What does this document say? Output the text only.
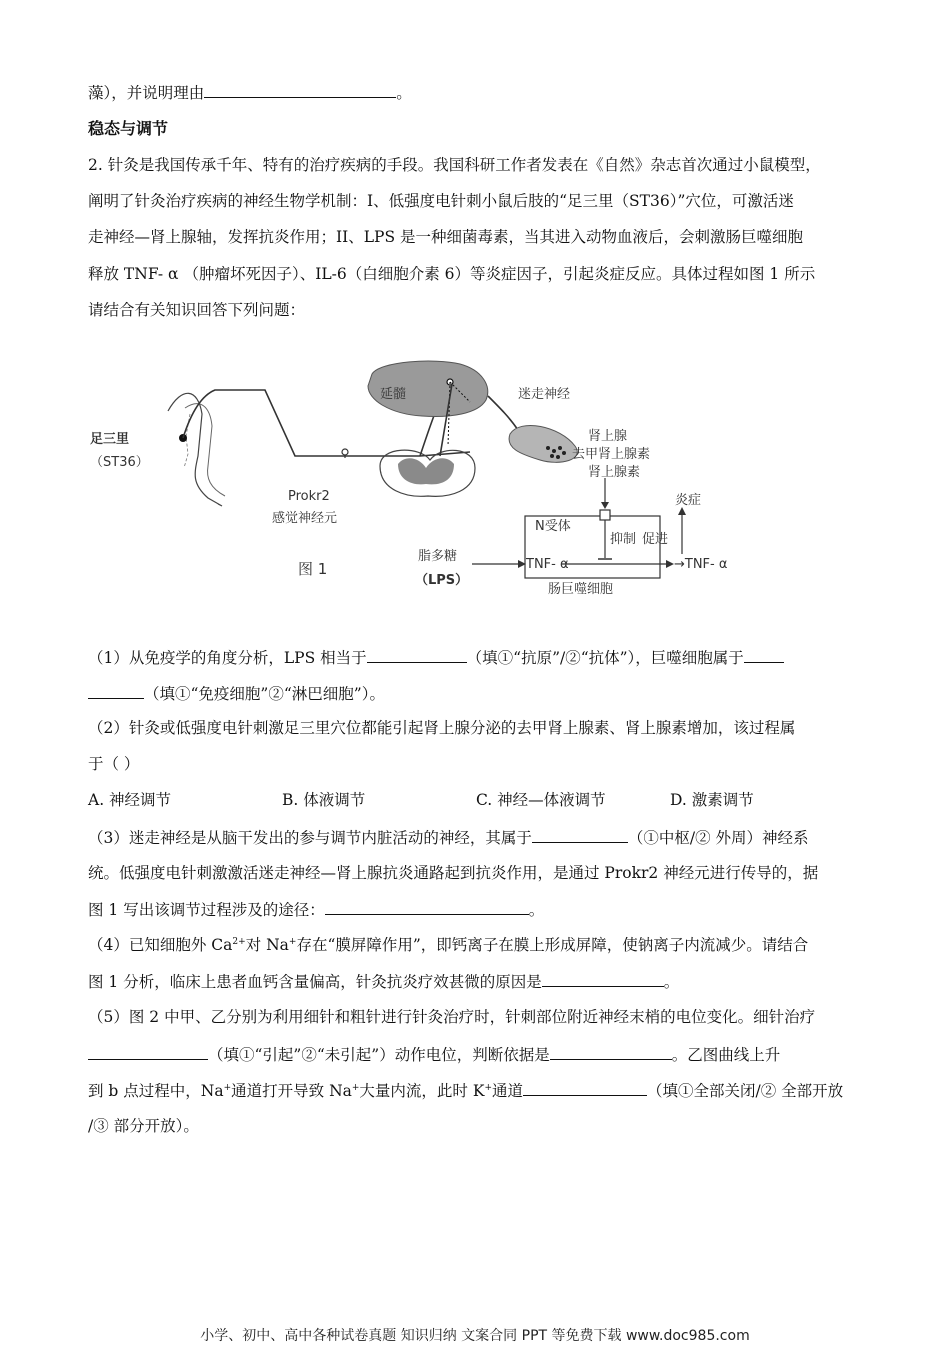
藻），并说明理由	。
稳态与调节
2. 针灸是我国传承千年、特有的治疗疾病的手段。我国科研工作者发表在《自然》杂志首次通过小鼠模型，
阐明了针灸治疗疾病的神经生物学机制：I、低强度电针刺小鼠后肢的“足三里（ST36）”穴位，可激活迷
走神经—肾上腺轴，发挥抗炎作用；II、LPS 是一种细菌毒素，当其进入动物血液后，会刺激肠巨噬细胞
释放 TNF- α （肿瘤坏死因子）、IL-6（白细胞介素 6）等炎症因子，引起炎症反应。具体过程如图 1 所示
请结合有关知识回答下列问题：
足三里
（ST36）
Prokr2
感觉神经元
延髓	迷走神经
肾上腺
去甲肾上腺素
肾上腺素
N受体
抑制 促进
炎症
脂多糖
（LPS）
TNF- α	→TNF- α
肠巨噬细胞
图 1
（1）从免疫学的角度分析，LPS 相当于	（填①“抗原”/②“抗体”），巨噬细胞属于
（填①“免疫细胞”②“淋巴细胞”）。
（2）针灸或低强度电针刺激足三里穴位都能引起肾上腺分泌的去甲肾上腺素、肾上腺素增加，该过程属
于（ ）
A. 神经调节	B. 体液调节	C. 神经—体液调节	D. 激素调节
（3）迷走神经是从脑干发出的参与调节内脏活动的神经，其属于	（①中枢/② 外周）神经系
统。低强度电针刺激激活迷走神经—肾上腺抗炎通路起到抗炎作用，是通过 Prokr2 神经元进行传导的，据
图 1 写出该调节过程涉及的途径：	。
（4）已知细胞外 $Ca^{2+}$对 Na+存在“膜屏障作用”，即钙离子在膜上形成屏障，使钠离子内流减少。请结合
图 1 分析，临床上患者血钙含量偏高，针灸抗炎疗效甚微的原因是	。
（5）图 2 中甲、乙分别为利用细针和粗针进行针灸治疗时，针刺部位附近神经末梢的电位变化。细针治疗
（填①“引起”②“未引起”）动作电位，判断依据是	。乙图曲线上升
到 b 点过程中，Na+通道打开导致 Na+大量内流，此时 K+通道	（填①全部关闭/② 全部开放
/③ 部分开放）。
小学、初中、高中各种试卷真题 知识归纳 文案合同 PPT 等免费下载 www.doc985.com
